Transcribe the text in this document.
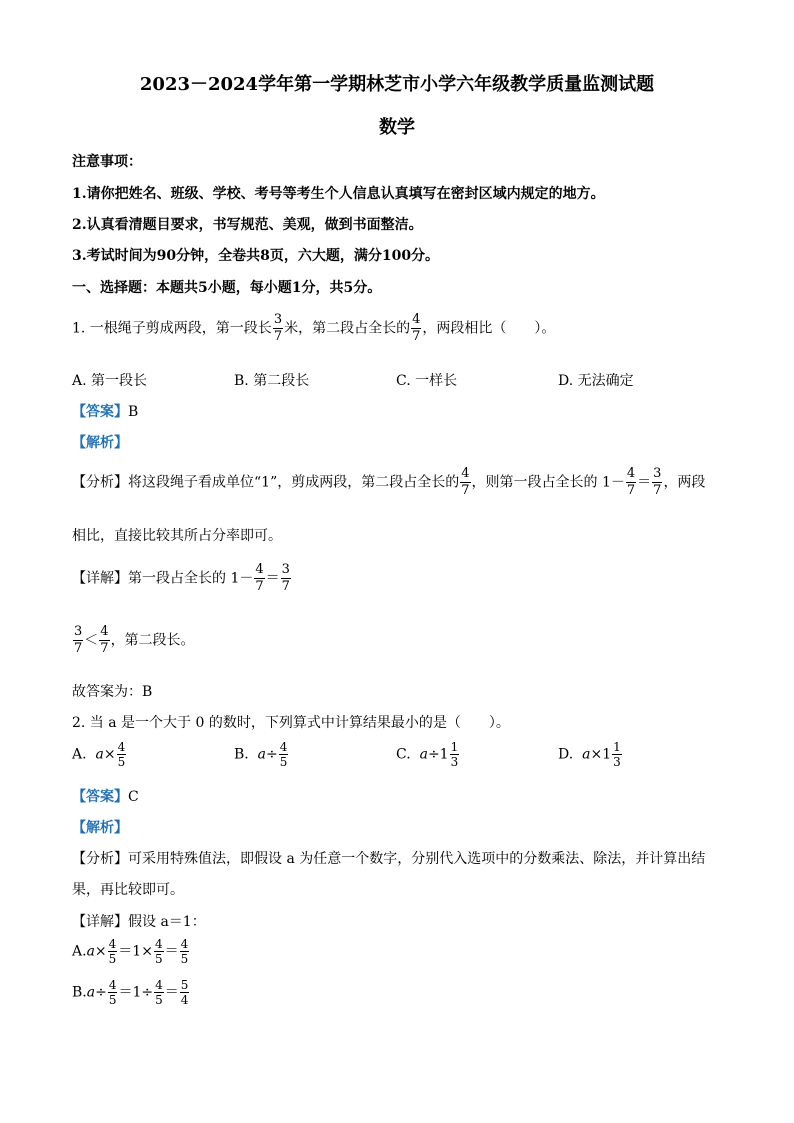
2023－2024学年第一学期林芝市小学六年级教学质量监测试题
数学
注意事项：
1.请你把姓名、班级、学校、考号等考生个人信息认真填写在密封区域内规定的地方。
2.认真看清题目要求，书写规范、美观，做到书面整洁。
3.考试时间为90分钟，全卷共8页，六大题，满分100分。
一、选择题：本题共5小题，每小题1分，共5分。
1. 一根绳子剪成两段，第一段长 $\frac{3}{7}$ 米，第二段占全长的 $\frac{4}{7}$ ，两段相比（　　）。
A. 第一段长	B. 第二段长	C. 一样长	D. 无法确定
【答案】B
【解析】
【分析】将这段绳子看成单位“1”，剪成两段，第二段占全长的 $\frac{4}{7}$ ，则第一段占全长的 $1- \frac{4}{7} = \frac{3}{7}$ ，两段
相比，直接比较其所占分率即可。
【详解】第一段占全长的 $1- \frac{4}{7} = \frac{3}{7}$
$\frac{3}{7} < \frac{4}{7}$ ，第二段长。
故答案为：B
2. 当 a 是一个大于 0 的数时，下列算式中计算结果最小的是（　　）。
A. $a\times \frac{4}{5}$	B. $a\div \frac{4}{5}$	C. $a\div 1 \frac{1}{3}$	D. $a\times 1 \frac{1}{3}$
【答案】C
【解析】
【分析】可采用特殊值法，即假设 a 为任意一个数字，分别代入选项中的分数乘法、除法，并计算出结
果，再比较即可。
【详解】假设 a＝1：
$A.a\times \frac{4}{5} =1\times \frac{4}{5} = \frac{4}{5}$
$B.a\div \frac{4}{5} =1\div \frac{4}{5} = \frac{5}{4}$
